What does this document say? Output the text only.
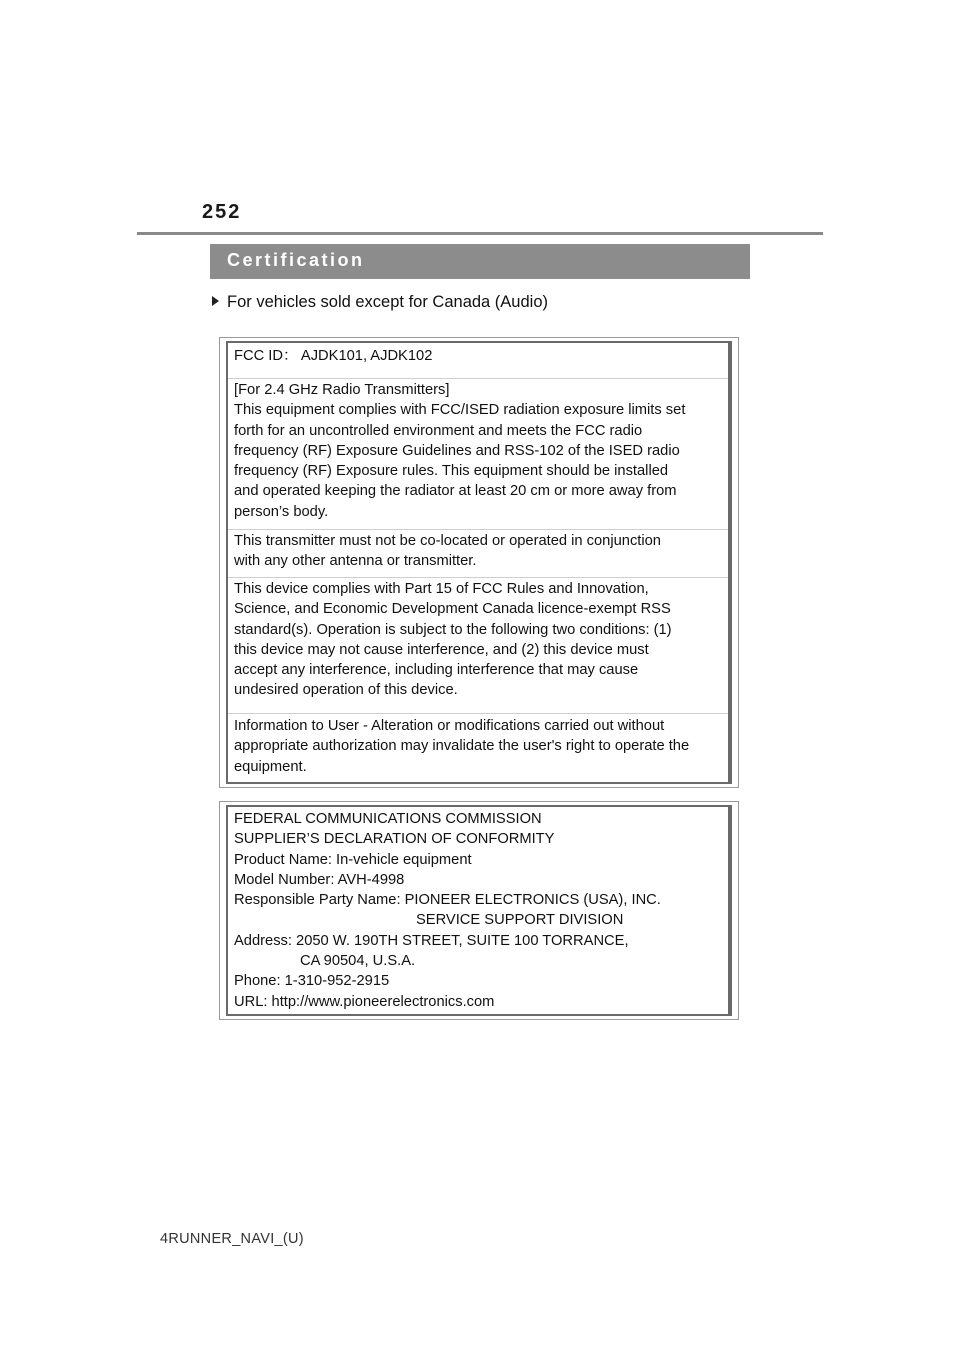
252
Certification
For vehicles sold except for Canada (Audio)
FCC ID： AJDK101, AJDK102
[For 2.4 GHz Radio Transmitters]
This equipment complies with FCC/ISED radiation exposure limits set
forth for an uncontrolled environment and meets the FCC radio
frequency (RF) Exposure Guidelines and RSS-102 of the ISED radio
frequency (RF) Exposure rules. This equipment should be installed
and operated keeping the radiator at least 20 cm or more away from
person’s body.
This transmitter must not be co-located or operated in conjunction
with any other antenna or transmitter.
This device complies with Part 15 of FCC Rules and Innovation,
Science, and Economic Development Canada licence-exempt RSS
standard(s). Operation is subject to the following two conditions: (1)
this device may not cause interference, and (2) this device must
accept any interference, including interference that may cause
undesired operation of this device.
Information to User - Alteration or modifications carried out without
appropriate authorization may invalidate the user's right to operate the
equipment.
FEDERAL COMMUNICATIONS COMMISSION
SUPPLIER’S DECLARATION OF CONFORMITY
Product Name: In-vehicle equipment
Model Number: AVH-4998
Responsible Party Name: PIONEER ELECTRONICS (USA), INC.
SERVICE SUPPORT DIVISION
Address: 2050 W. 190TH STREET, SUITE 100 TORRANCE,
CA 90504, U.S.A.
Phone: 1-310-952-2915
URL: http://www.pioneerelectronics.com
4RUNNER_NAVI_(U)
